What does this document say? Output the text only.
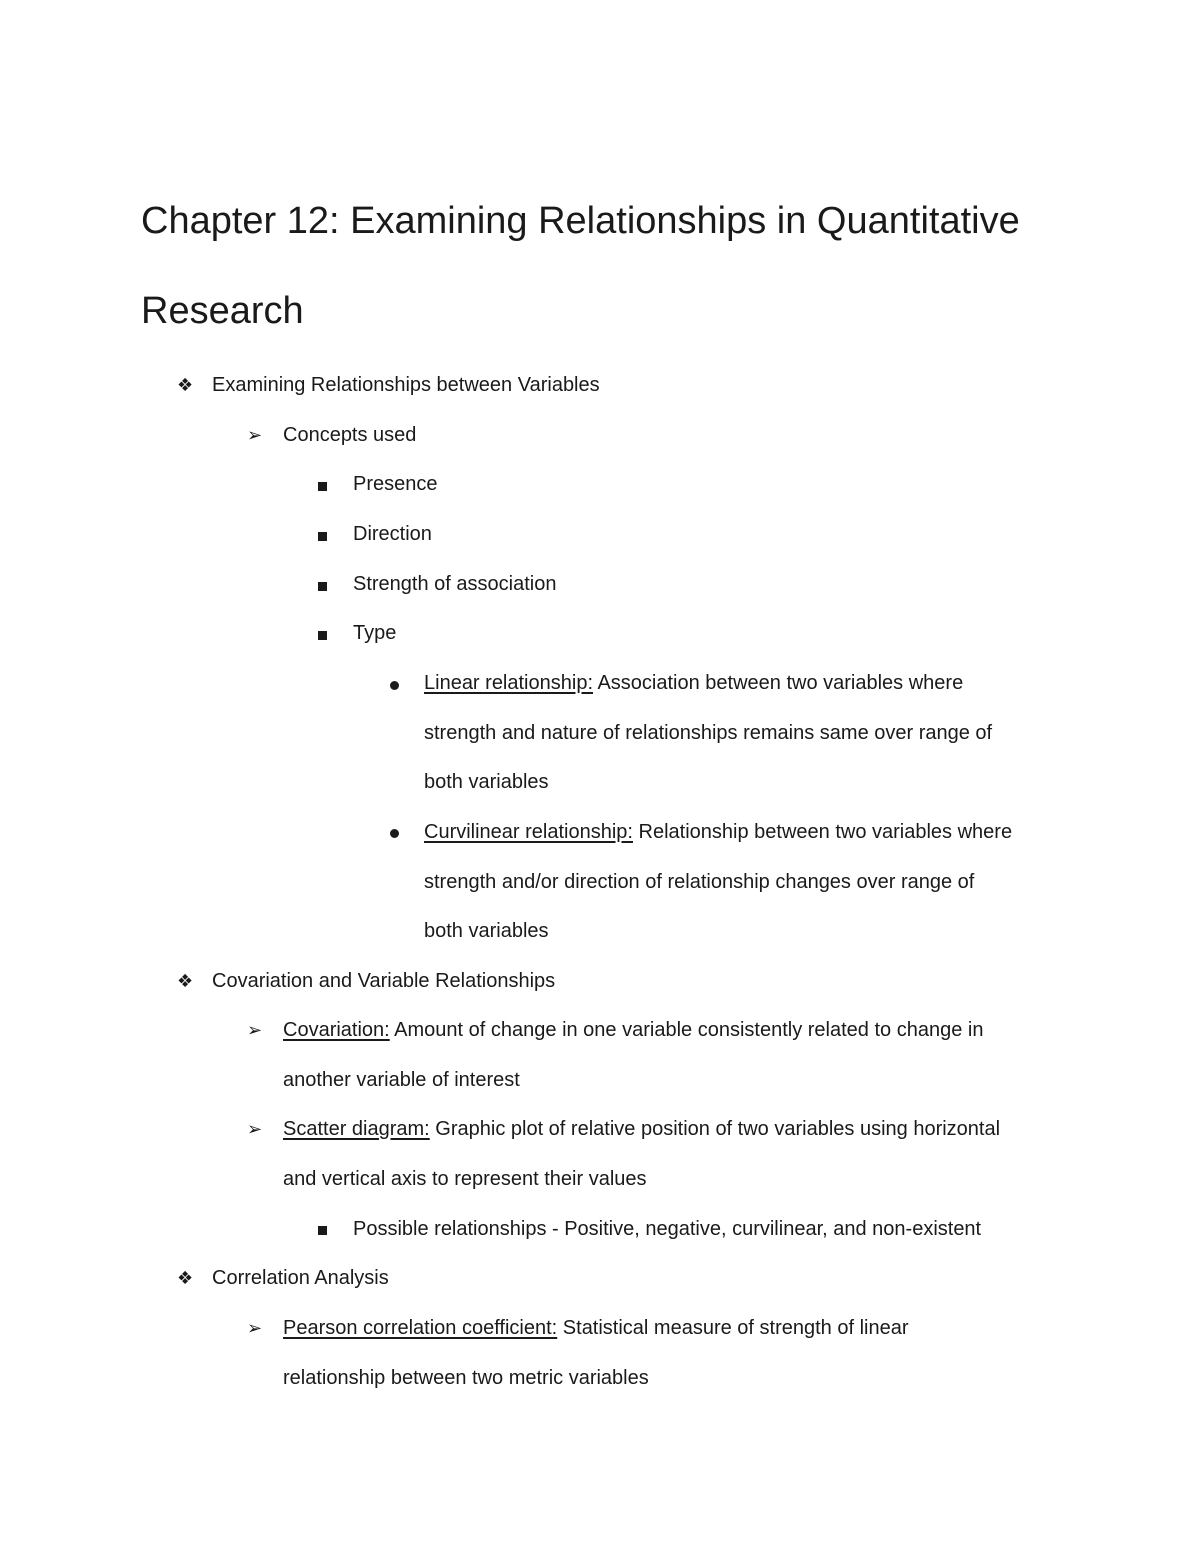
Chapter 12: Examining Relationships in Quantitative Research
❖ Examining Relationships between Variables
➢ Concepts used
Presence
Direction
Strength of association
Type
Linear relationship: Association between two variables where
strength and nature of relationships remains same over range of
both variables
Curvilinear relationship: Relationship between two variables where
strength and/or direction of relationship changes over range of
both variables
❖ Covariation and Variable Relationships
➢ Covariation: Amount of change in one variable consistently related to change in
another variable of interest
➢ Scatter diagram: Graphic plot of relative position of two variables using horizontal
and vertical axis to represent their values
Possible relationships - Positive, negative, curvilinear, and non-existent
❖ Correlation Analysis
➢ Pearson correlation coefficient: Statistical measure of strength of linear
relationship between two metric variables
